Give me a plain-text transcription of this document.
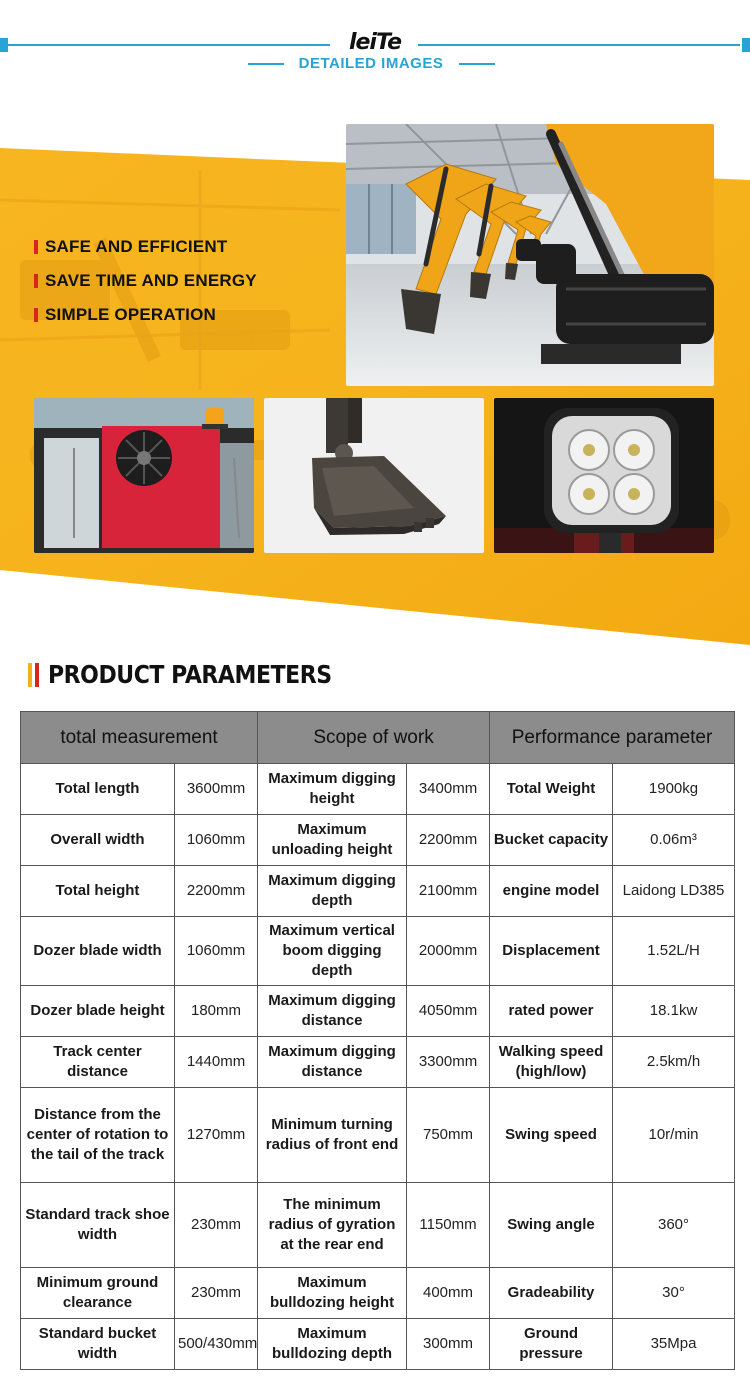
leiTe
DETAILED IMAGES
SAFE AND EFFICIENT
SAVE TIME AND ENERGY
SIMPLE OPERATION
PRODUCT PARAMETERS
total measurement		Scope of work		Performance parameter	
Total length	3600mm	Maximum digging height	3400mm	Total Weight	1900kg
Overall width	1060mm	Maximum unloading height	2200mm	Bucket capacity	0.06m³
Total height	2200mm	Maximum digging depth	2100mm	engine model	Laidong LD385
Dozer blade width	1060mm	Maximum vertical boom digging depth	2000mm	Displacement	1.52L/H
Dozer blade height	180mm	Maximum digging distance	4050mm	rated power	18.1kw
Track center distance	1440mm	Maximum digging distance	3300mm	Walking speed (high/low)	2.5km/h
Distance from the center of rotation to the tail of the track	1270mm	Minimum turning radius of front end	750mm	Swing speed	10r/min
Standard track shoe width	230mm	The minimum radius of gyration at the rear end	1150mm	Swing angle	360°
Minimum ground clearance	230mm	Maximum bulldozing height	400mm	Gradeability	30°
Standard bucket width	500/430mm	Maximum bulldozing depth	300mm	Ground pressure	35Mpa
